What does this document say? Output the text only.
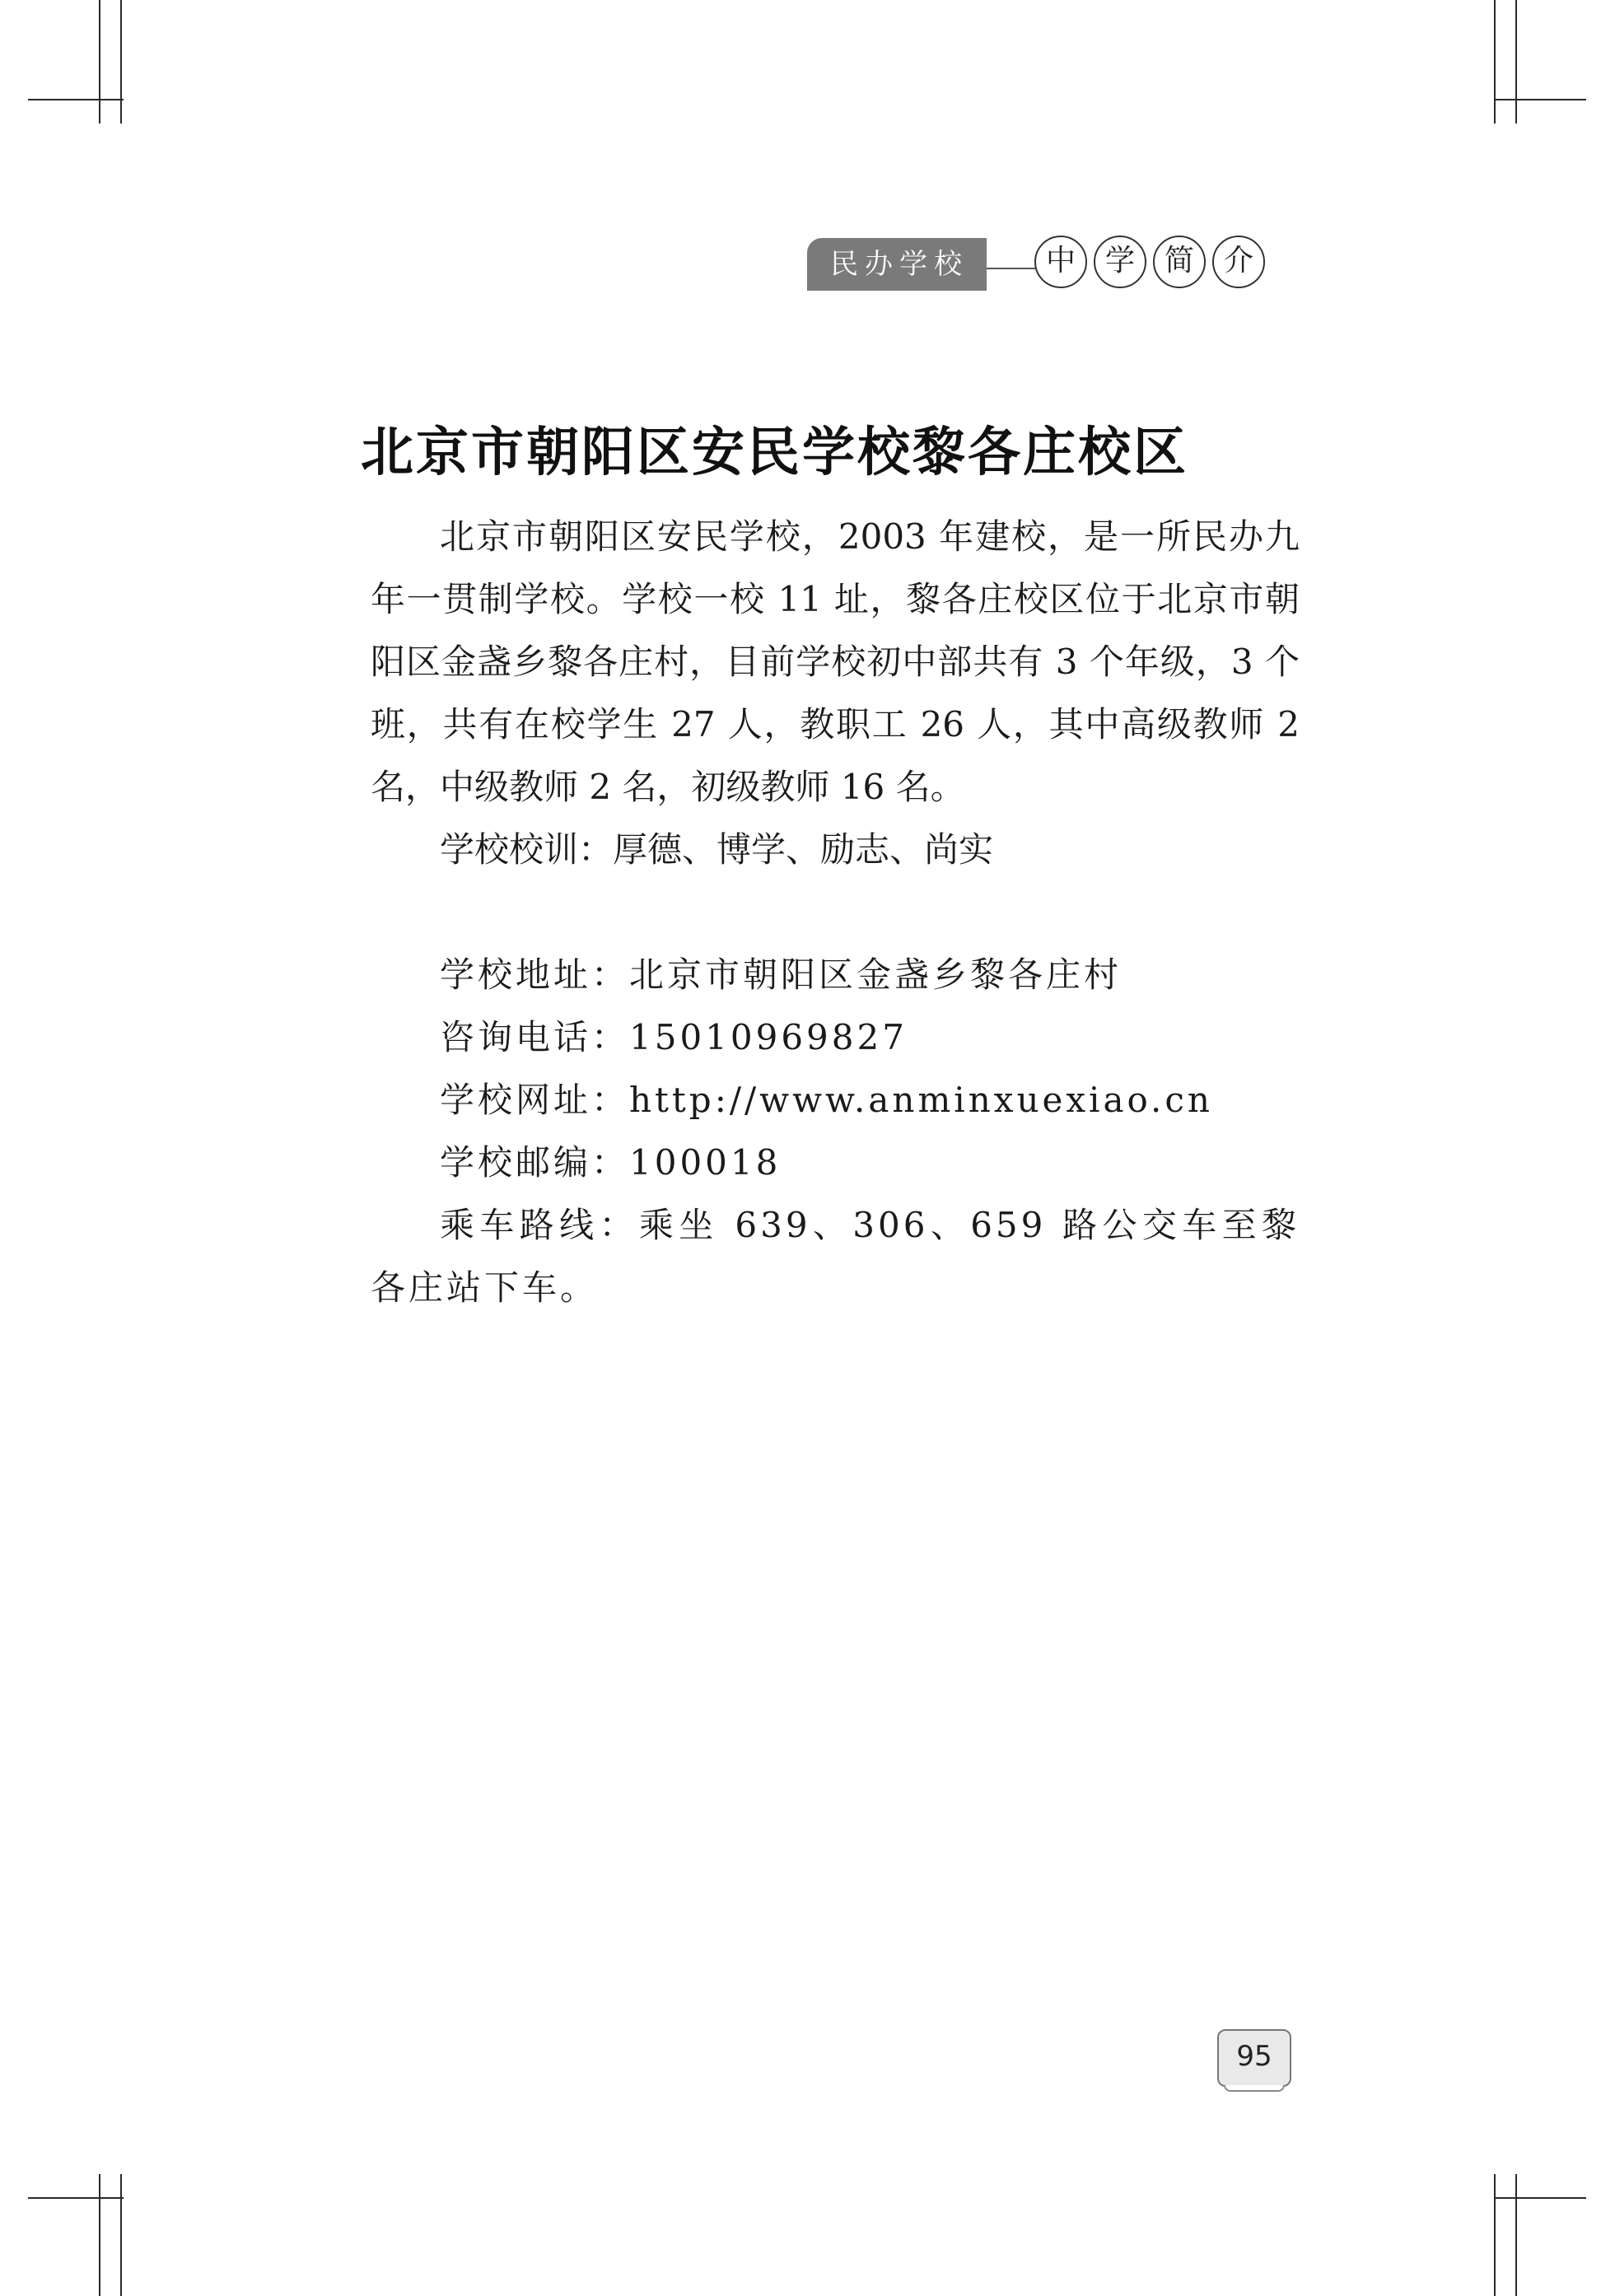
民办学校	中 学 简 介
北京市朝阳区安民学校黎各庄校区

北京市朝阳区安民学校，2003 年建校，是一所民办九年一贯制学校。学校一校 11 址，黎各庄校区位于北京市朝阳区金盏乡黎各庄村，目前学校初中部共有 3 个年级，3 个班，共有在校学生 27 人，教职工 26 人，其中高级教师 2 名，中级教师 2 名，初级教师 16 名。

学校校训：厚德、博学、励志、尚实

学校地址：北京市朝阳区金盏乡黎各庄村

咨询电话：15010969827

学校网址：http://www.anminxuexiao.cn

学校邮编：100018

乘车路线：乘坐 639、306、659 路公交车至黎各庄站下车。

95
